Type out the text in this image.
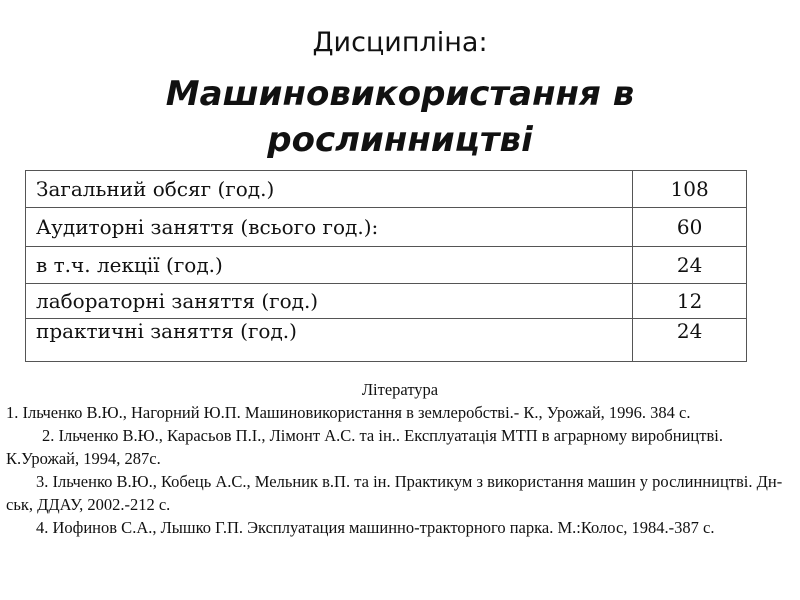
Дисципліна:
Машиновикористання в
рослинництві
Загальний обсяг (год.)	108
Аудиторні заняття (всього год.):	60
в т.ч. лекції (год.)	24
лабораторні заняття (год.)	12
практичні заняття (год.)	24
Література

1. Ільченко В.Ю., Нагорний Ю.П. Машиновикористання в землеробстві.- К., Урожай, 1996. 384 с.

2. Ільченко В.Ю., Карасьов П.І., Лімонт А.С. та ін.. Експлуатація МТП в аграрному виробництві. К.Урожай, 1994, 287с.

3. Ільченко В.Ю., Кобець А.С., Мельник в.П. та ін. Практикум з використання машин у рослинництві. Дн-ськ, ДДАУ, 2002.-212 с.

4. Иофинов С.А., Лышко Г.П. Эксплуатация машинно-тракторного парка. М.:Колос, 1984.-387 с.
